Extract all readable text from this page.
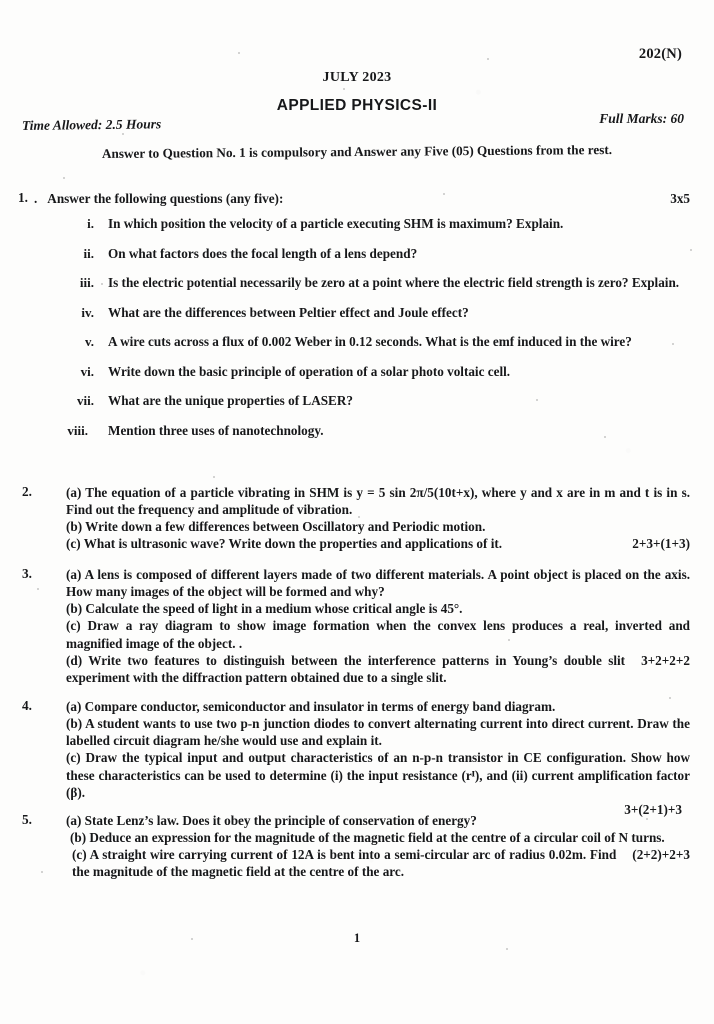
202(N)
JULY 2023
APPLIED PHYSICS-II
Time Allowed: 2.5 Hours	Full Marks: 60
Answer to Question No. 1 is compulsory and Answer any Five (05) Questions from the rest.
1. . Answer the following questions (any five):	3x5
i.	In which position the velocity of a particle executing SHM is maximum? Explain.
ii.	On what factors does the focal length of a lens depend?
iii.	Is the electric potential necessarily be zero at a point where the electric field strength is zero? Explain.
iv.	What are the differences between Peltier effect and Joule effect?
v.	A wire cuts across a flux of 0.002 Weber in 0.12 seconds. What is the emf induced in the wire?
vi.	Write down the basic principle of operation of a solar photo voltaic cell.
vii.	What are the unique properties of LASER?
viii.	Mention three uses of nanotechnology.
2.	(a) The equation of a particle vibrating in SHM is y = 5 sin 2π/5(10t+x), where y and x are in m and t is in s. Find out the frequency and amplitude of vibration.

(b) Write down a few differences between Oscillatory and Periodic motion.

2+3+(1+3)
(c) What is ultrasonic wave? Write down the properties and applications of it.

3.	(a) A lens is composed of different layers made of two different materials. A point object is placed on the axis. How many images of the object will be formed and why?

(b) Calculate the speed of light in a medium whose critical angle is 45°.

(c) Draw a ray diagram to show image formation when the convex lens produces a real, inverted and magnified image of the object. .

3+2+2+2
(d) Write two features to distinguish between the interference patterns in Young’s double slit experiment with the diffraction pattern obtained due to a single slit.

4.	(a) Compare conductor, semiconductor and insulator in terms of energy band diagram.

(b) A student wants to use two p-n junction diodes to convert alternating current into direct current. Draw the labelled circuit diagram he/she would use and explain it.

(c) Draw the typical input and output characteristics of an n-p-n transistor in CE configuration. Show how these characteristics can be used to determine (i) the input resistance (rᴵ), and (ii) current amplification factor (β).

3+(2+1)+3

5.	(a) State Lenz’s law. Does it obey the principle of conservation of energy?

(b) Deduce an expression for the magnitude of the magnetic field at the centre of a circular coil of N turns.

(2+2)+2+3
(c) A straight wire carrying current of 12A is bent into a semi-circular arc of radius 0.02m. Find the magnitude of the magnetic field at the centre of the arc.

1
